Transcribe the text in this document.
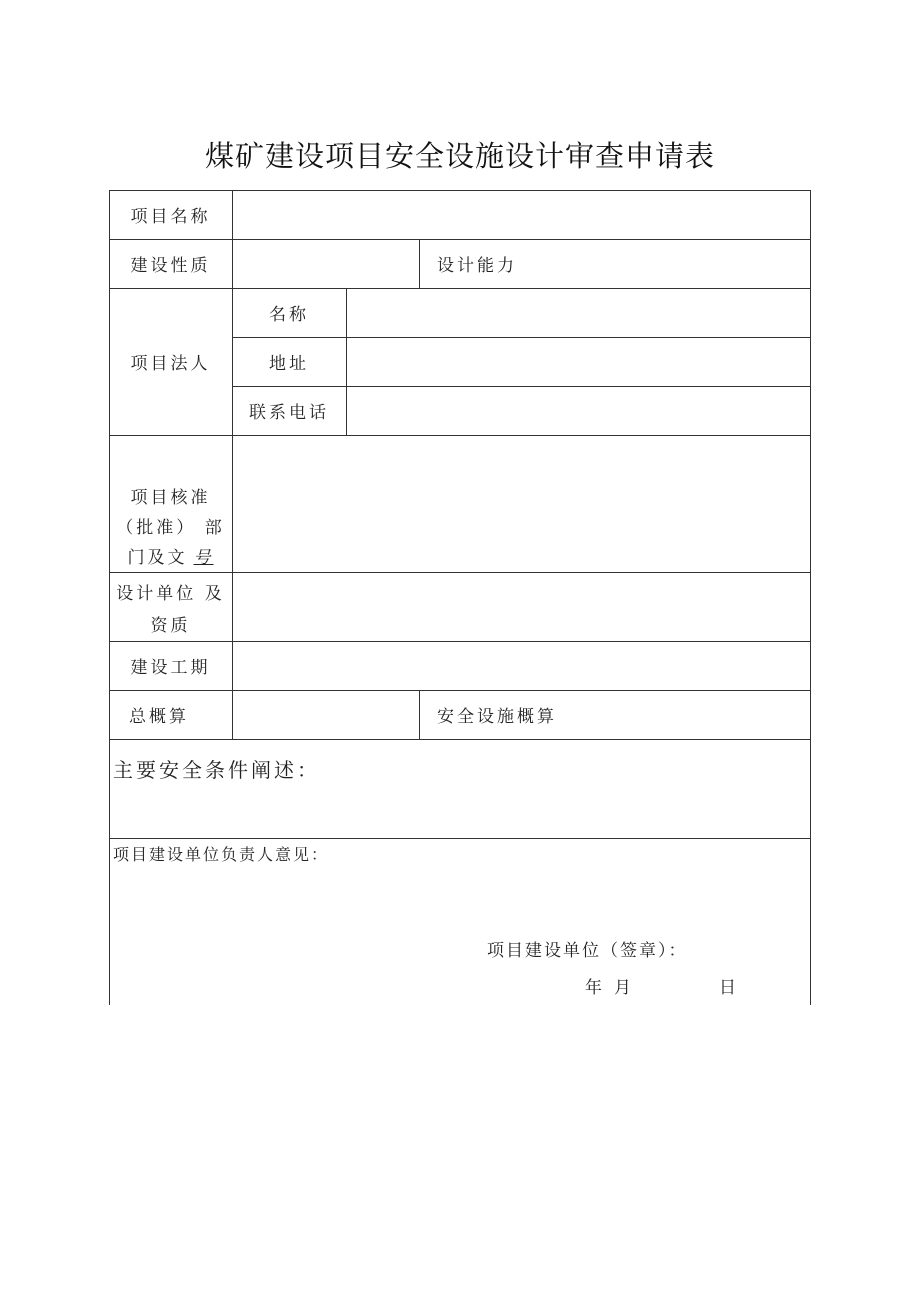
煤矿建设项目安全设施设计审查申请表
项目名称
建设性质	设计能力
项目法人
名称
地址
联系电话
项目核准
（批准） 部
门及文 号
设计单位 及
资质
建设工期
总概算	安全设施概算
主要安全条件阐述：
项目建设单位负责人意见：
项目建设单位（签章）：
年 月	日
